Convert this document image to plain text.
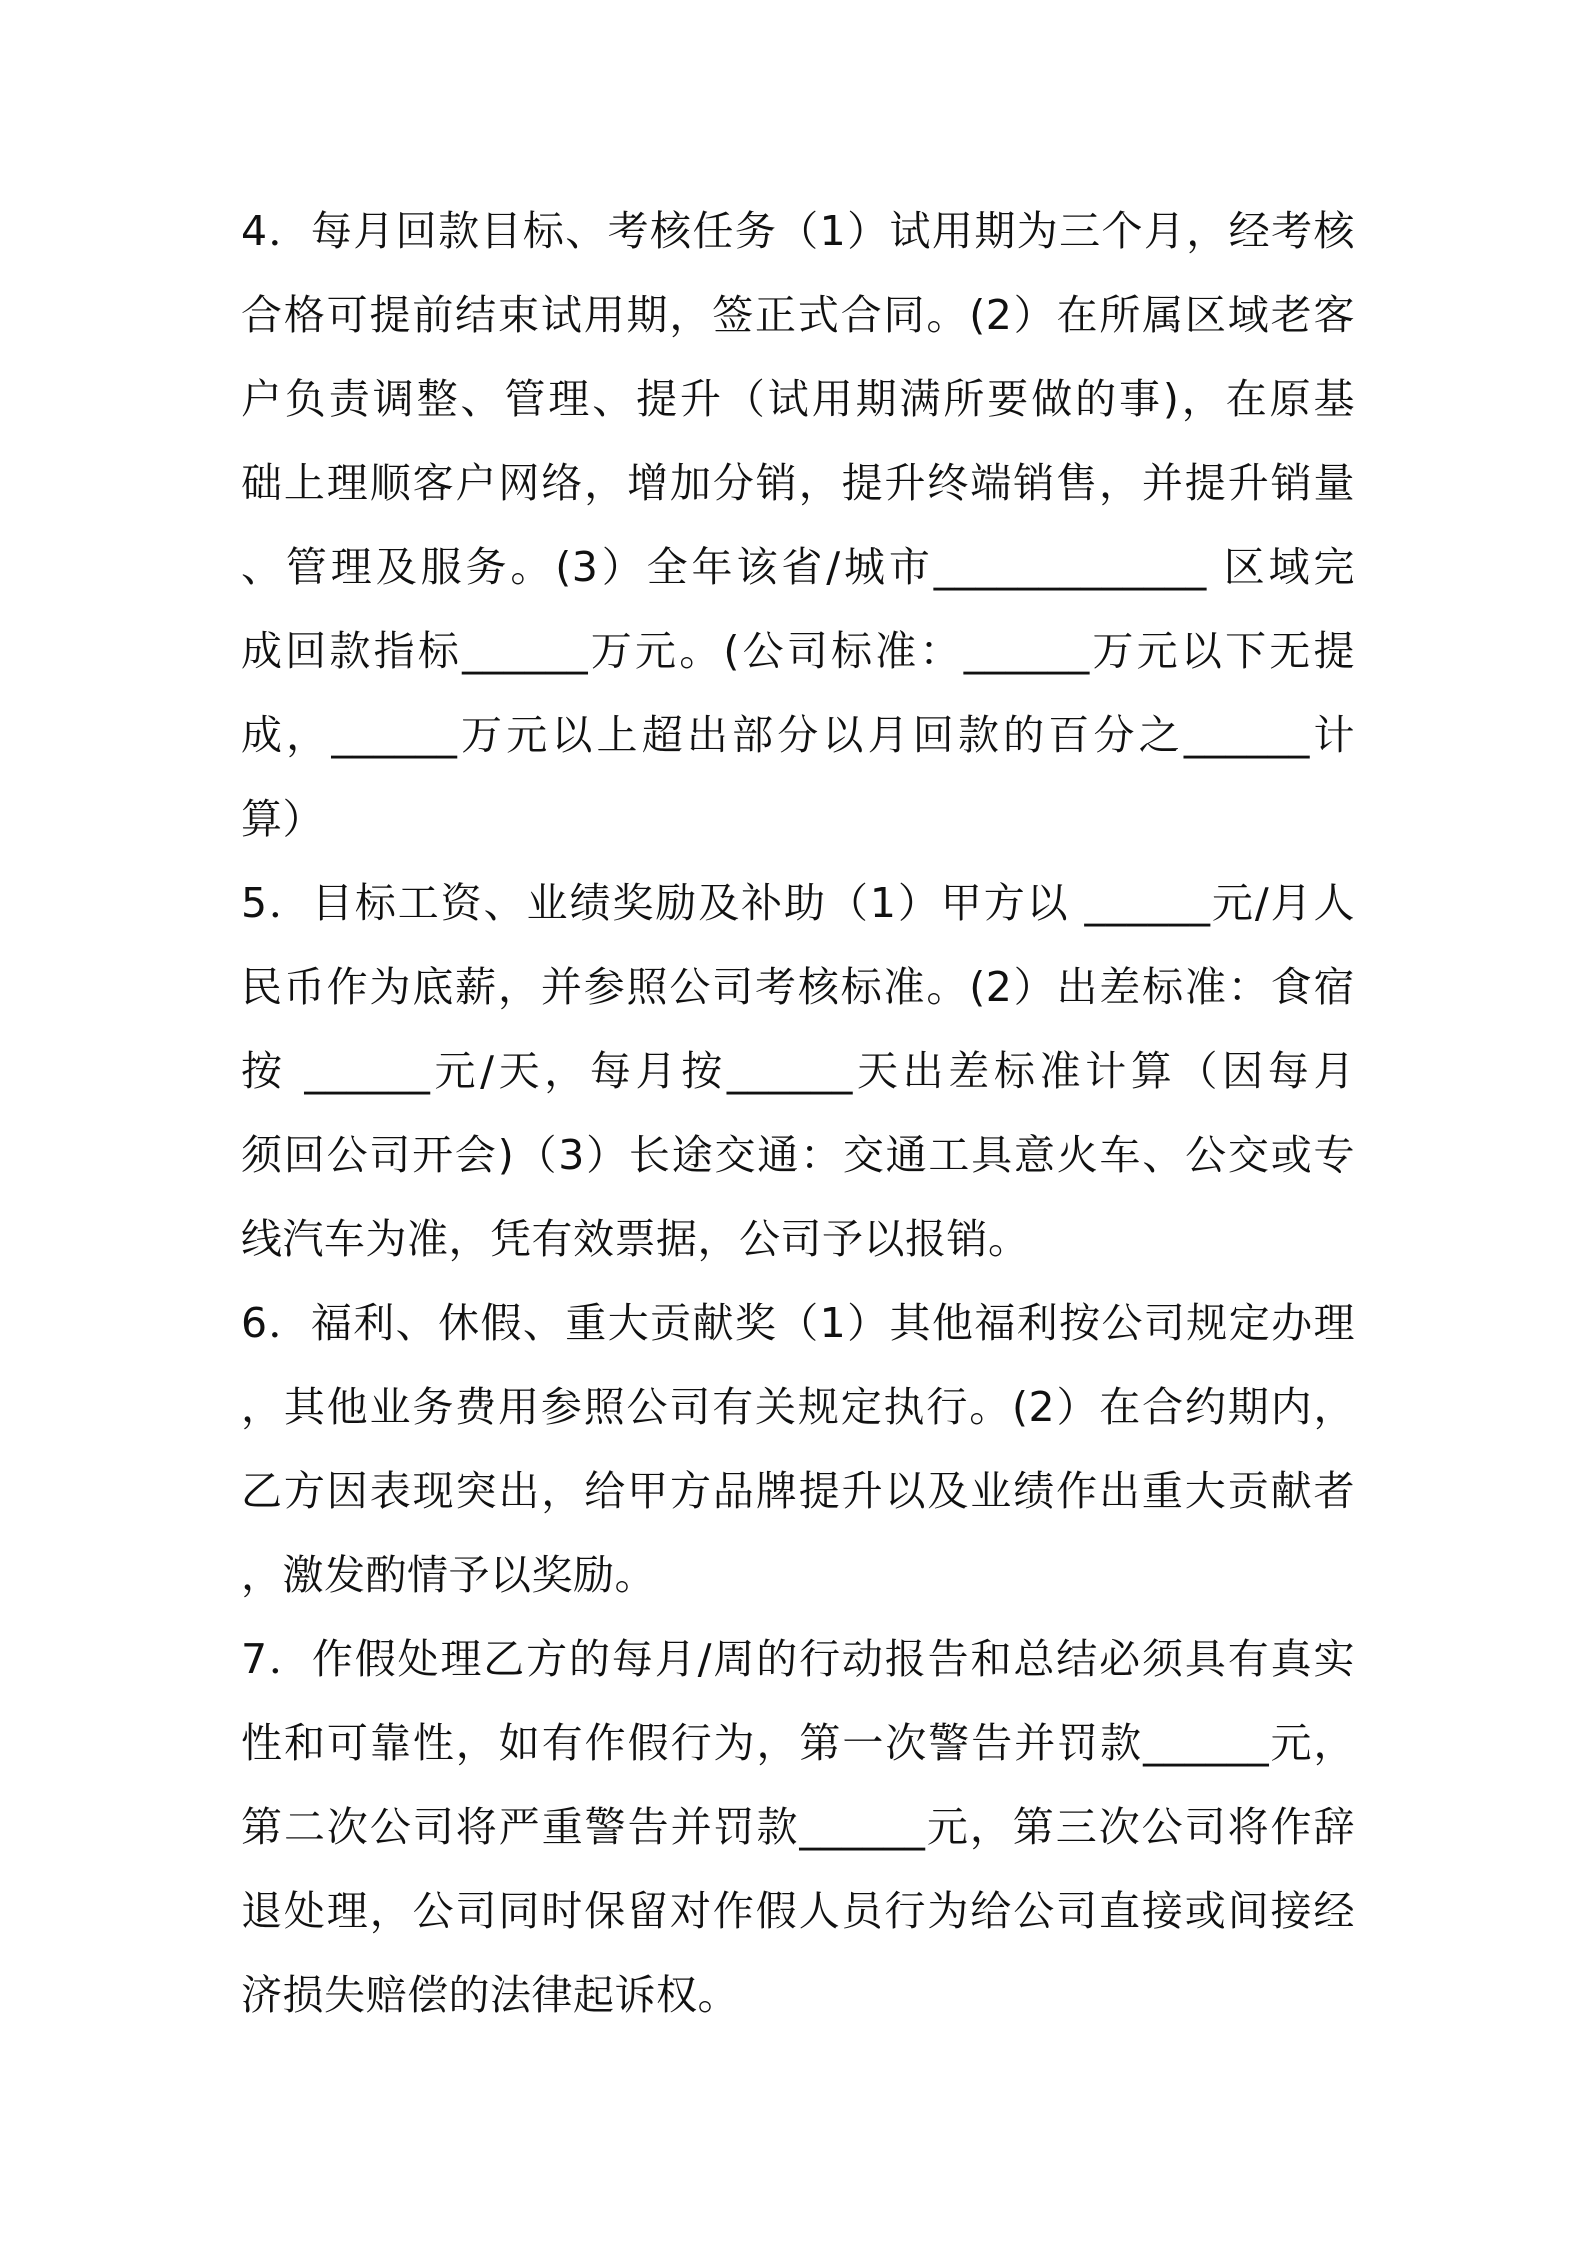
4．每月回款目标、考核任务（1）试用期为三个月，经考核
合格可提前结束试用期，签正式合同。(2）在所属区域老客
户负责调整、管理、提升（试用期满所要做的事)，在原基
础上理顺客户网络，增加分销，提升终端销售，并提升销量
、管理及服务。(3）全年该省/城市_____________ 区域完
成回款指标______万元。(公司标准：______万元以下无提
成，______万元以上超出部分以月回款的百分之______计
算）
5．目标工资、业绩奖励及补助（1）甲方以 ______元/月人
民币作为底薪，并参照公司考核标准。(2）出差标准：食宿
按 ______元/天，每月按______天出差标准计算（因每月
须回公司开会)（3）长途交通：交通工具意火车、公交或专
线汽车为准，凭有效票据，公司予以报销。
6．福利、休假、重大贡献奖（1）其他福利按公司规定办理
，其他业务费用参照公司有关规定执行。(2）在合约期内，
乙方因表现突出，给甲方品牌提升以及业绩作出重大贡献者
，激发酌情予以奖励。
7．作假处理乙方的每月/周的行动报告和总结必须具有真实
性和可靠性，如有作假行为，第一次警告并罚款______元，
第二次公司将严重警告并罚款______元，第三次公司将作辞
退处理，公司同时保留对作假人员行为给公司直接或间接经
济损失赔偿的法律起诉权。
